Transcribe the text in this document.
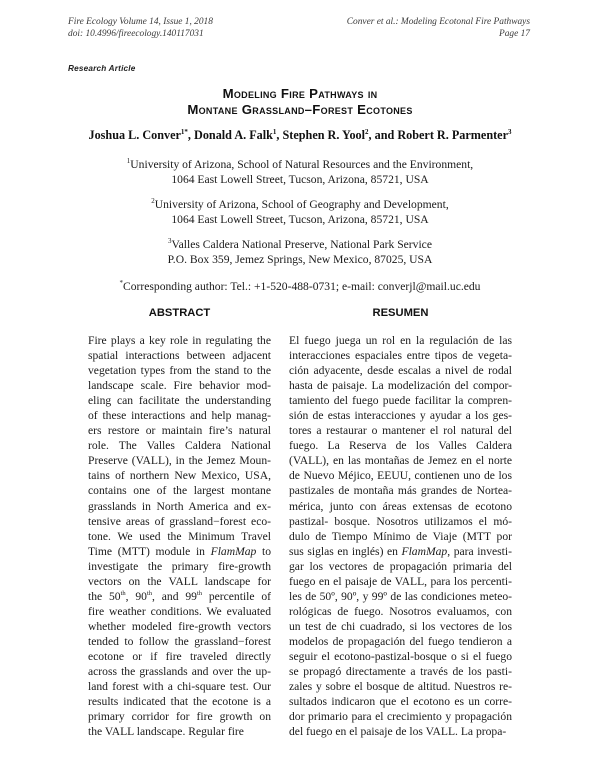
Fire Ecology Volume 14, Issue 1, 2018
doi: 10.4996/fireecology.140117031
Conver et al.: Modeling Ecotonal Fire Pathways
Page 17
Research Article
Modeling Fire Pathways in
Montane Grassland–Forest Ecotones
Joshua L. Conver$^{1*}$, Donald A. Falk$^1$, Stephen R. Yool$^2$, and Robert R. Parmenter$^3$
$^1$University of Arizona, School of Natural Resources and the Environment,
1064 East Lowell Street, Tucson, Arizona, 85721, USA
$^2$University of Arizona, School of Geography and Development,
1064 East Lowell Street, Tucson, Arizona, 85721, USA
$^3$Valles Caldera National Preserve, National Park Service
P.O. Box 359, Jemez Springs, New Mexico, 87025, USA
*Corresponding author: Tel.: +1-520-488-0731; e-mail: converjl@mail.uc.edu
ABSTRACT	RESUMEN
Fire plays a key role in regulating the
spatial interactions between adjacent
vegetation types from the stand to the
landscape scale. Fire behavior mod-
eling can facilitate the understanding
of these interactions and help manag-
ers restore or maintain fire’s natural
role. The Valles Caldera National
Preserve (VALL), in the Jemez Moun-
tains of northern New Mexico, USA,
contains one of the largest montane
grasslands in North America and ex-
tensive areas of grassland−forest eco-
tone. We used the Minimum Travel
Time (MTT) module in FlamMap to
investigate the primary fire-growth
vectors on the VALL landscape for
the 50th, 90th, and 99th percentile of
fire weather conditions. We evaluated
whether modeled fire-growth vectors
tended to follow the grassland−forest
ecotone or if fire traveled directly
across the grasslands and over the up-
land forest with a chi-square test. Our
results indicated that the ecotone is a
primary corridor for fire growth on
the VALL landscape. Regular fire
El fuego juega un rol en la regulación de las
interacciones espaciales entre tipos de vegeta-
ción adyacente, desde escalas a nivel de rodal
hasta de paisaje. La modelización del compor-
tamiento del fuego puede facilitar la compren-
sión de estas interacciones y ayudar a los ges-
tores a restaurar o mantener el rol natural del
fuego. La Reserva de los Valles Caldera
(VALL), en las montañas de Jemez en el norte
de Nuevo Méjico, EEUU, contienen uno de los
pastizales de montaña más grandes de Nortea-
mérica, junto con áreas extensas de ecotono
pastizal- bosque. Nosotros utilizamos el mó-
dulo de Tiempo Mínimo de Viaje (MTT por
sus siglas en inglés) en FlamMap, para investi-
gar los vectores de propagación primaria del
fuego en el paisaje de VALL, para los percenti-
les de 50º, 90º, y 99º de las condiciones meteo-
rológicas de fuego. Nosotros evaluamos, con
un test de chi cuadrado, si los vectores de los
modelos de propagación del fuego tendieron a
seguir el ecotono-pastizal-bosque o si el fuego
se propagó directamente a través de los pasti-
zales y sobre el bosque de altitud. Nuestros re-
sultados indicaron que el ecotono es un corre-
dor primario para el crecimiento y propagación
del fuego en el paisaje de los VALL. La propa-
